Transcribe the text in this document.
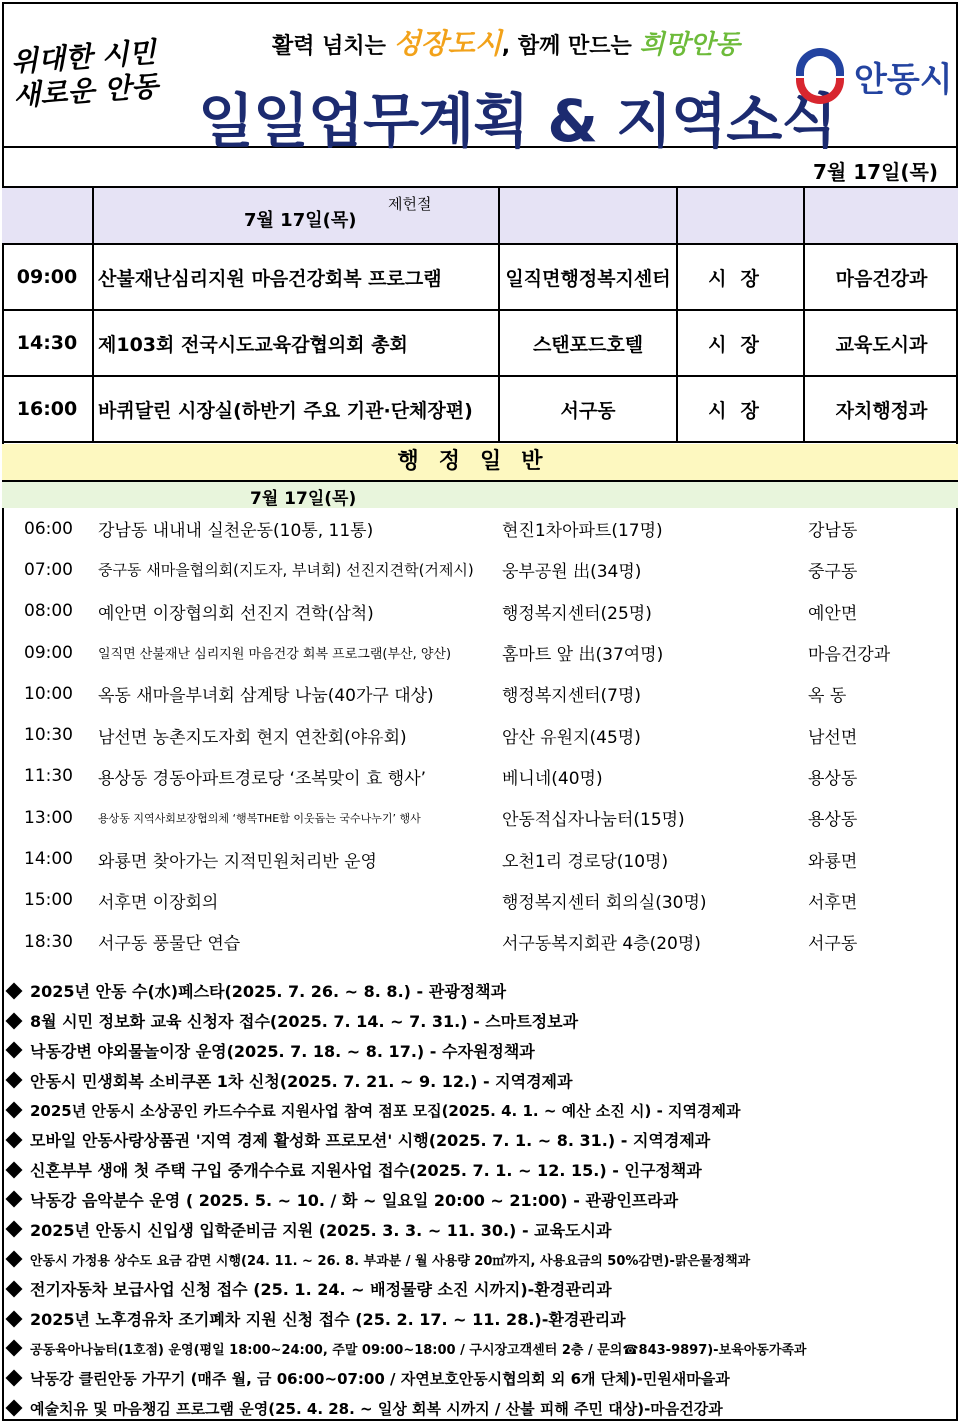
위대한 시민 새로운 안동
활력 넘치는 성장도시, 함께 만드는 희망안동
일일업무계획 & 지역소식
안동시
7월 17일(목)
7월 17일(목)
제헌절
09:00	산불재난심리지원 마음건강회복 프로그램	일직면행정복지센터	시장	마음건강과
14:30	제103회 전국시도교육감협의회 총회	스탠포드호텔	시장	교육도시과
16:00	바퀴달린 시장실(하반기 주요 기관·단체장편)	서구동	시장	자치행정과
행정일반
7월 17일(목)
06:00	강남동 내내내 실천운동(10통, 11통)	현진1차아파트(17명)	강남동
07:00	중구동 새마을협의회(지도자, 부녀회) 선진지견학(거제시)	웅부공원 出(34명)	중구동
08:00	예안면 이장협의회 선진지 견학(삼척)	행정복지센터(25명)	예안면
09:00	일직면 산불재난 심리지원 마음건강 회복 프로그램(부산, 양산)	홈마트 앞 出(37여명)	마음건강과
10:00	옥동 새마을부녀회 삼계탕 나눔(40가구 대상)	행정복지센터(7명)	옥 동
10:30	남선면 농촌지도자회 현지 연찬회(야유회)	암산 유원지(45명)	남선면
11:30	용상동 경동아파트경로당 ‘조복맞이 효 행사’	베니네(40명)	용상동
13:00	용상동 지역사회보장협의체 ‘행복THE함 이웃돕는 국수나누기’ 행사	안동적십자나눔터(15명)	용상동
14:00	와룡면 찾아가는 지적민원처리반 운영	오천1리 경로당(10명)	와룡면
15:00	서후면 이장회의	행정복지센터 회의실(30명)	서후면
18:30	서구동 풍물단 연습	서구동복지회관 4층(20명)	서구동
2025년 안동 수(水)페스타(2025. 7. 26. ~ 8. 8.) - 관광정책과
8월 시민 정보화 교육 신청자 접수(2025. 7. 14. ~ 7. 31.) - 스마트정보과
낙동강변 야외물놀이장 운영(2025. 7. 18. ~ 8. 17.) - 수자원정책과
안동시 민생회복 소비쿠폰 1차 신청(2025. 7. 21. ~ 9. 12.) - 지역경제과
2025년 안동시 소상공인 카드수수료 지원사업 참여 점포 모집(2025. 4. 1. ~ 예산 소진 시) - 지역경제과
모바일 안동사랑상품권 '지역 경제 활성화 프로모션' 시행(2025. 7. 1. ~ 8. 31.) - 지역경제과
신혼부부 생애 첫 주택 구입 중개수수료 지원사업 접수(2025. 7. 1. ~ 12. 15.) - 인구정책과
낙동강 음악분수 운영 ( 2025. 5. ~ 10. / 화 ~ 일요일 20:00 ~ 21:00) - 관광인프라과
2025년 안동시 신입생 입학준비금 지원 (2025. 3. 3. ~ 11. 30.) - 교육도시과
안동시 가정용 상수도 요금 감면 시행(24. 11. ~ 26. 8. 부과분 / 월 사용량 20㎥까지, 사용요금의 50%감면)-맑은물정책과
전기자동차 보급사업 신청 접수 (25. 1. 24. ~ 배정물량 소진 시까지)-환경관리과
2025년 노후경유차 조기폐차 지원 신청 접수 (25. 2. 17. ~ 11. 28.)-환경관리과
공동육아나눔터(1호점) 운영(평일 18:00~24:00, 주말 09:00~18:00 / 구시장고객센터 2층 / 문의☎843-9897)-보육아동가족과
낙동강 클린안동 가꾸기 (매주 월, 금 06:00~07:00 / 자연보호안동시협의회 외 6개 단체)-민원새마을과
예술치유 및 마음챙김 프로그램 운영(25. 4. 28. ~ 일상 회복 시까지 / 산불 피해 주민 대상)-마음건강과
